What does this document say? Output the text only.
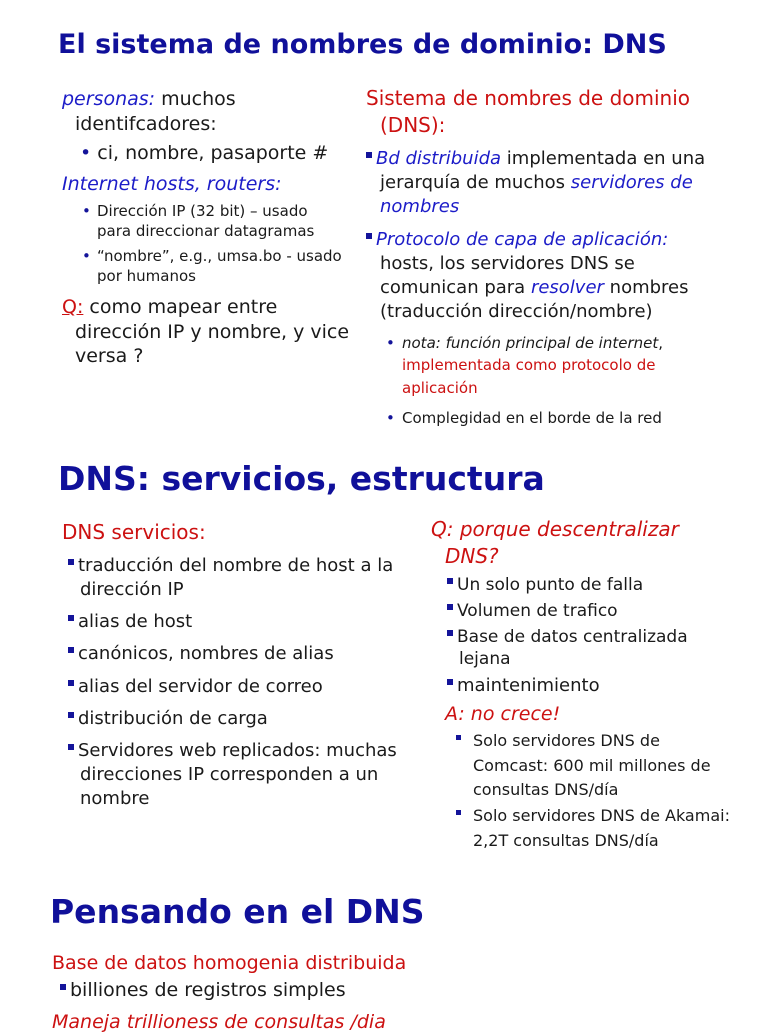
El sistema de nombres de dominio: DNS
personas: muchos
identifcadores:
• ci, nombre, pasaporte #
Internet hosts, routers:
• Dirección IP (32 bit) – usado
para direccionar datagramas
• “nombre”, e.g., umsa.bo - usado
por humanos
Q: como mapear entre
dirección IP y nombre, y vice
versa ?
Sistema de nombres de dominio
(DNS):
Bd distribuida implementada en una
jerarquía de muchos servidores de
nombres
Protocolo de capa de aplicación:
hosts, los servidores DNS se
comunican para resolver nombres
(traducción dirección/nombre)
• nota: función principal de internet,
implementada como protocolo de
aplicación
• Complegidad en el borde de la red
DNS: servicios, estructura
DNS servicios:
traducción del nombre de host a la
dirección IP
alias de host
canónicos, nombres de alias
alias del servidor de correo
distribución de carga
Servidores web replicados: muchas
direcciones IP corresponden a un
nombre
Q: porque descentralizar
DNS?
Un solo punto de falla
Volumen de trafico
Base de datos centralizada
lejana
maintenimiento
A: no crece!
Solo servidores DNS de
Comcast: 600 mil millones de
consultas DNS/día
Solo servidores DNS de Akamai:
2,2T consultas DNS/día
Pensando en el DNS
Base de datos homogenia distribuida
billiones de registros simples
Maneja trillioness de consultas /dia
